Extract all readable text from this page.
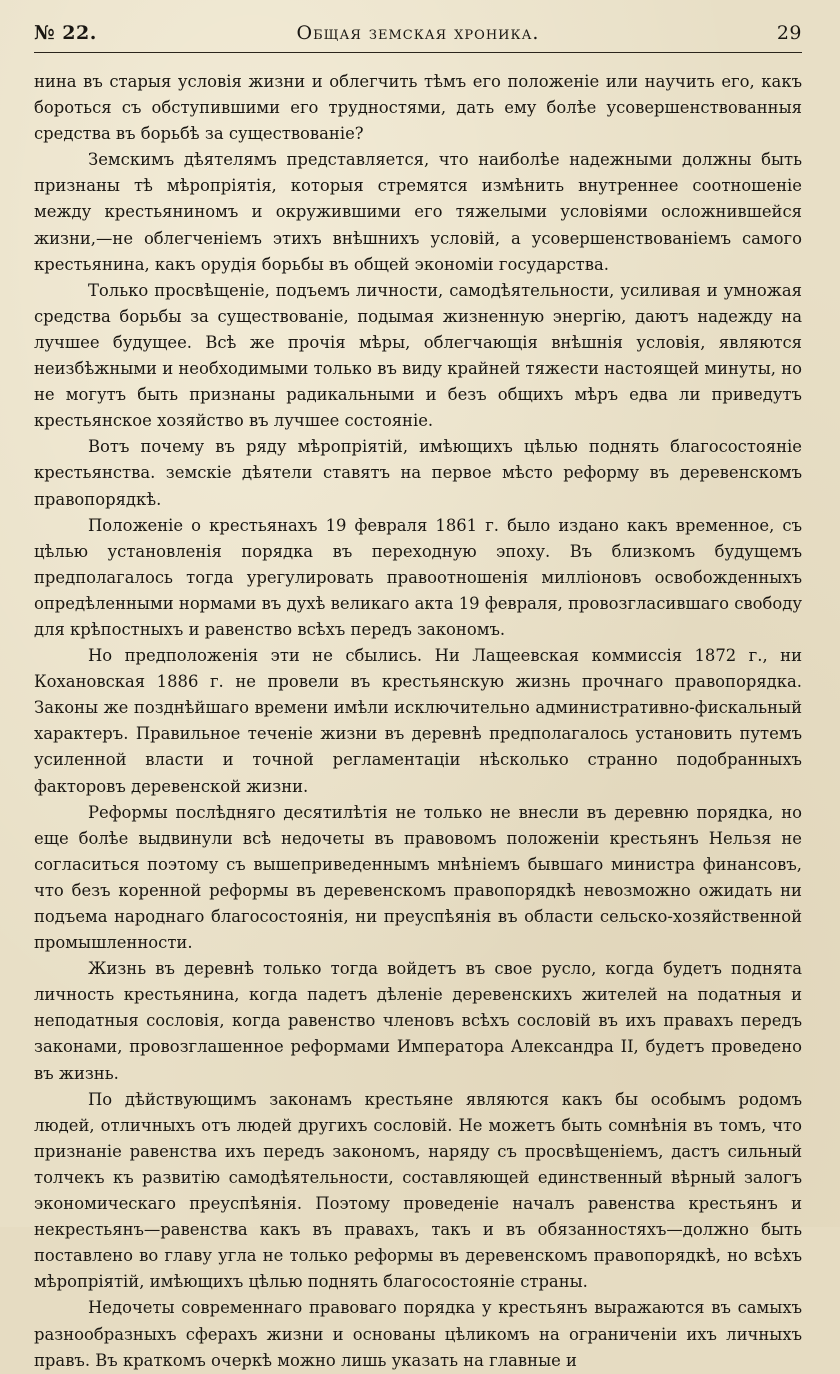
№ 22.	Общая земская хроника.	29

нина въ старыя условія жизни и облегчить тѣмъ его положеніе или научить его, какъ бороться съ обступившими его трудностями, дать ему болѣе усовершенствованныя средства въ борьбѣ за существованіе?

Земскимъ дѣятелямъ представляется, что наиболѣе надежными должны быть признаны тѣ мѣропріятія, которыя стремятся измѣнить внутреннее соотношеніе между крестьяниномъ и окружившими его тяжелыми условіями осложнившейся жизни,—не облегченіемъ этихъ внѣшнихъ условій, а усовершенствованіемъ самого крестьянина, какъ орудія борьбы въ общей экономіи государства.

Только просвѣщеніе, подъемъ личности, самодѣятельности, усиливая и умножая средства борьбы за существованіе, подымая жизненную энергію, даютъ надежду на лучшее будущее. Всѣ же прочія мѣры, облегчающія внѣшнія условія, являются неизбѣжными и необходимыми только въ виду крайней тяжести настоящей минуты, но не могутъ быть признаны радикальными и безъ общихъ мѣръ едва ли приведутъ крестьянское хозяйство въ лучшее состояніе.

Вотъ почему въ ряду мѣропріятій, имѣющихъ цѣлью поднять благосостояніе крестьянства. земскіе дѣятели ставятъ на первое мѣсто реформу въ деревенскомъ правопорядкѣ.

Положеніе о крестьянахъ 19 февраля 1861 г. было издано какъ временное, съ цѣлью установленія порядка въ переходную эпоху. Въ близкомъ будущемъ предполагалось тогда урегулировать правоотношенія милліоновъ освобожденныхъ опредѣленными нормами въ духѣ великаго акта 19 февраля, провозгласившаго свободу для крѣпостныхъ и равенство всѣхъ передъ закономъ.

Но предположенія эти не сбылись. Ни Лащеевская коммиссія 1872 г., ни Кохановская 1886 г. не провели въ крестьянскую жизнь прочнаго правопорядка. Законы же позднѣйшаго времени имѣли исключительно административно-фискальный характеръ. Правильное теченіе жизни въ деревнѣ предполагалось установить путемъ усиленной власти и точной регламентаціи нѣсколько странно подобранныхъ факторовъ деревенской жизни.

Реформы послѣдняго десятилѣтія не только не внесли въ деревню порядка, но еще болѣе выдвинули всѣ недочеты въ правовомъ положеніи крестьянъ Нельзя не согласиться поэтому съ вышеприведеннымъ мнѣніемъ бывшаго министра финансовъ, что безъ коренной реформы въ деревенскомъ правопорядкѣ невозможно ожидать ни подъема народнаго благосостоянія, ни преуспѣянія въ области сельско-хозяйственной промышленности.

Жизнь въ деревнѣ только тогда войдетъ въ свое русло, когда будетъ поднята личность крестьянина, когда падетъ дѣленіе деревенскихъ жителей на податныя и неподатныя сословія, когда равенство членовъ всѣхъ сословій въ ихъ правахъ передъ законами, провозглашенное реформами Императора Александра II, будетъ проведено въ жизнь.

По дѣйствующимъ законамъ крестьяне являются какъ бы особымъ родомъ людей, отличныхъ отъ людей другихъ сословій. Не можетъ быть сомнѣнія въ томъ, что признаніе равенства ихъ передъ закономъ, наряду съ просвѣщеніемъ, дастъ сильный толчекъ къ развитію самодѣятельности, составляющей единственный вѣрный залогъ экономическаго преуспѣянія. Поэтому проведеніе началъ равенства крестьянъ и некрестьянъ—равенства какъ въ правахъ, такъ и въ обязанностяхъ—должно быть поставлено во главу угла не только реформы въ деревенскомъ правопорядкѣ, но всѣхъ мѣропріятій, имѣющихъ цѣлью поднять благосостояніе страны.

Недочеты современнаго правоваго порядка у крестьянъ выражаются въ самыхъ разнообразныхъ сферахъ жизни и основаны цѣликомъ на ограниченіи ихъ личныхъ правъ. Въ краткомъ очеркѣ можно лишь указать на главные и
